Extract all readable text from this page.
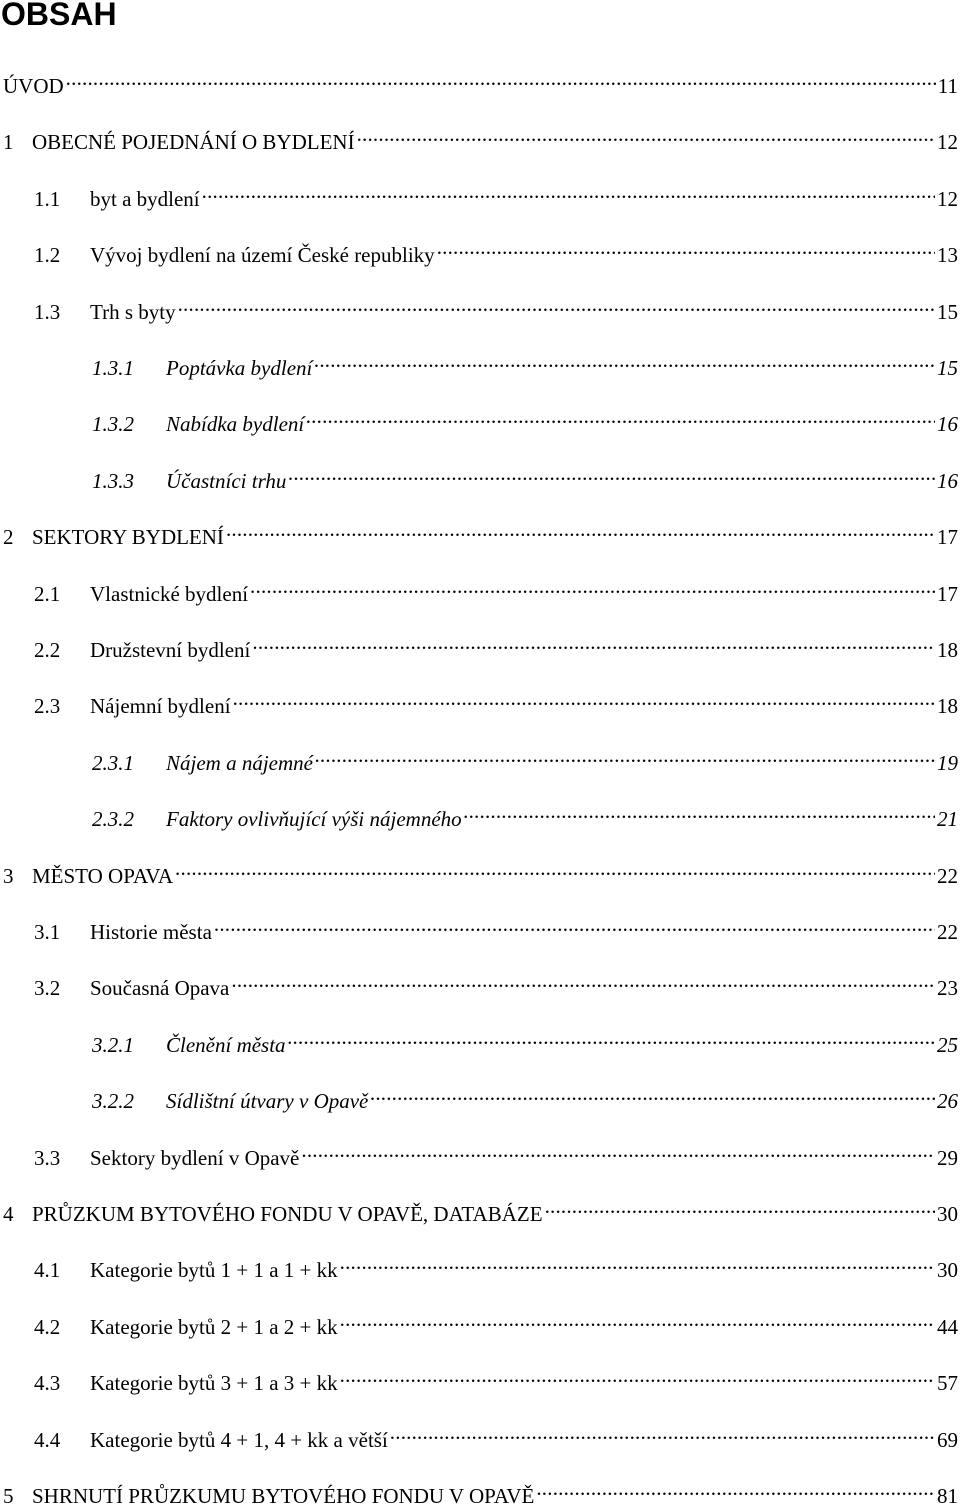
OBSAH
ÚVOD .....	11
1 OBECNÉ POJEDNÁNÍ O BYDLENÍ .....	12
1.1	byt a bydlení .....	12
1.2	Vývoj bydlení na území České republiky .....	13
1.3	Trh s byty .....	15
1.3.1	Poptávka bydlení .....	15
1.3.2	Nabídka bydlení .....	16
1.3.3	Účastníci trhu .....	16
2 SEKTORY BYDLENÍ .....	17
2.1	Vlastnické bydlení .....	17
2.2	Družstevní bydlení .....	18
2.3	Nájemní bydlení .....	18
2.3.1	Nájem a nájemné .....	19
2.3.2	Faktory ovlivňující výši nájemného .....	21
3 MĚSTO OPAVA .....	22
3.1	Historie města .....	22
3.2	Současná Opava .....	23
3.2.1	Členění města .....	25
3.2.2	Sídlištní útvary v Opavě .....	26
3.3	Sektory bydlení v Opavě .....	29
4 PRŮZKUM BYTOVÉHO FONDU V OPAVĚ, DATABÁZE .....	30
4.1	Kategorie bytů 1 + 1 a 1 + kk .....	30
4.2	Kategorie bytů 2 + 1 a 2 + kk .....	44
4.3	Kategorie bytů 3 + 1 a 3 + kk .....	57
4.4	Kategorie bytů 4 + 1, 4 + kk a větší .....	69
5 SHRNUTÍ PRŮZKUMU BYTOVÉHO FONDU V OPAVĚ .....	81
